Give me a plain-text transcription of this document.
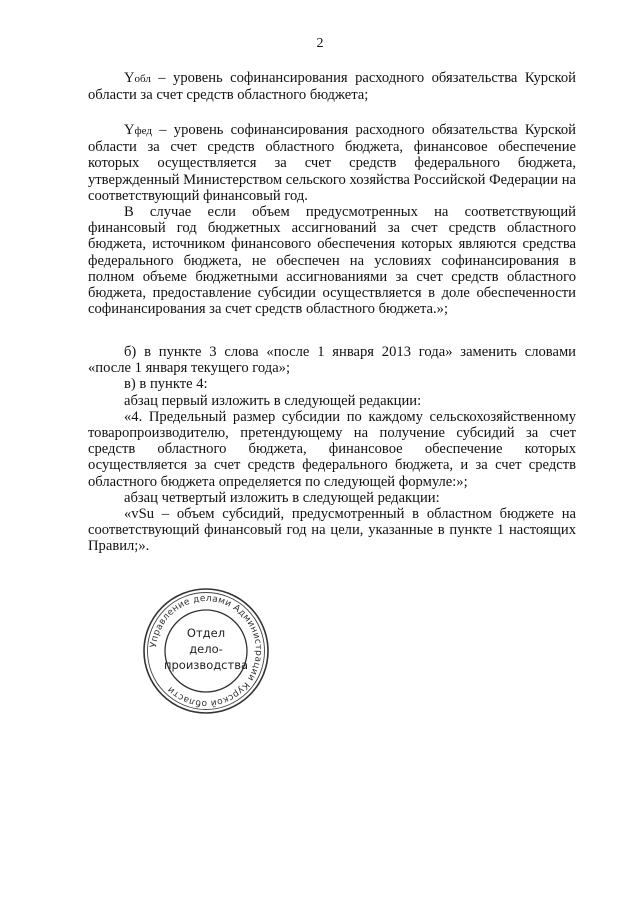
2

Yобл – уровень софинансирования расходного обязательства Курской области за счет средств областного бюджета;

Yфед – уровень софинансирования расходного обязательства Курской области за счет средств областного бюджета, финансовое обеспечение которых осуществляется за счет средств федерального бюджета, утвержденный Министерством сельского хозяйства Российской Федерации на соответствующий финансовый год.

В случае если объем предусмотренных на соответствующий финансовый год бюджетных ассигнований за счет средств областного бюджета, источником финансового обеспечения которых являются средства федерального бюджета, не обеспечен на условиях софинансирования в полном объеме бюджетными ассигнованиями за счет средств областного бюджета, предоставление субсидии осуществляется в доле обеспеченности софинансирования за счет средств областного бюджета.»;

б) в пункте 3 слова «после 1 января 2013 года» заменить словами «после 1 января текущего года»;

в) в пункте 4:

абзац первый изложить в следующей редакции:

«4. Предельный размер субсидии по каждому сельскохозяйственному товаропроизводителю, претендующему на получение субсидий за счет средств областного бюджета, финансовое обеспечение которых осуществляется за счет средств федерального бюджета, и за счет средств областного бюджета определяется по следующей формуле:»;

абзац четвертый изложить в следующей редакции:

«vSu – объем субсидий, предусмотренный в областном бюджете на соответствующий финансовый год на цели, указанные в пункте 1 настоящих Правил;».

Управление делами Администрации Курской области
Отдел
дело-
производства
